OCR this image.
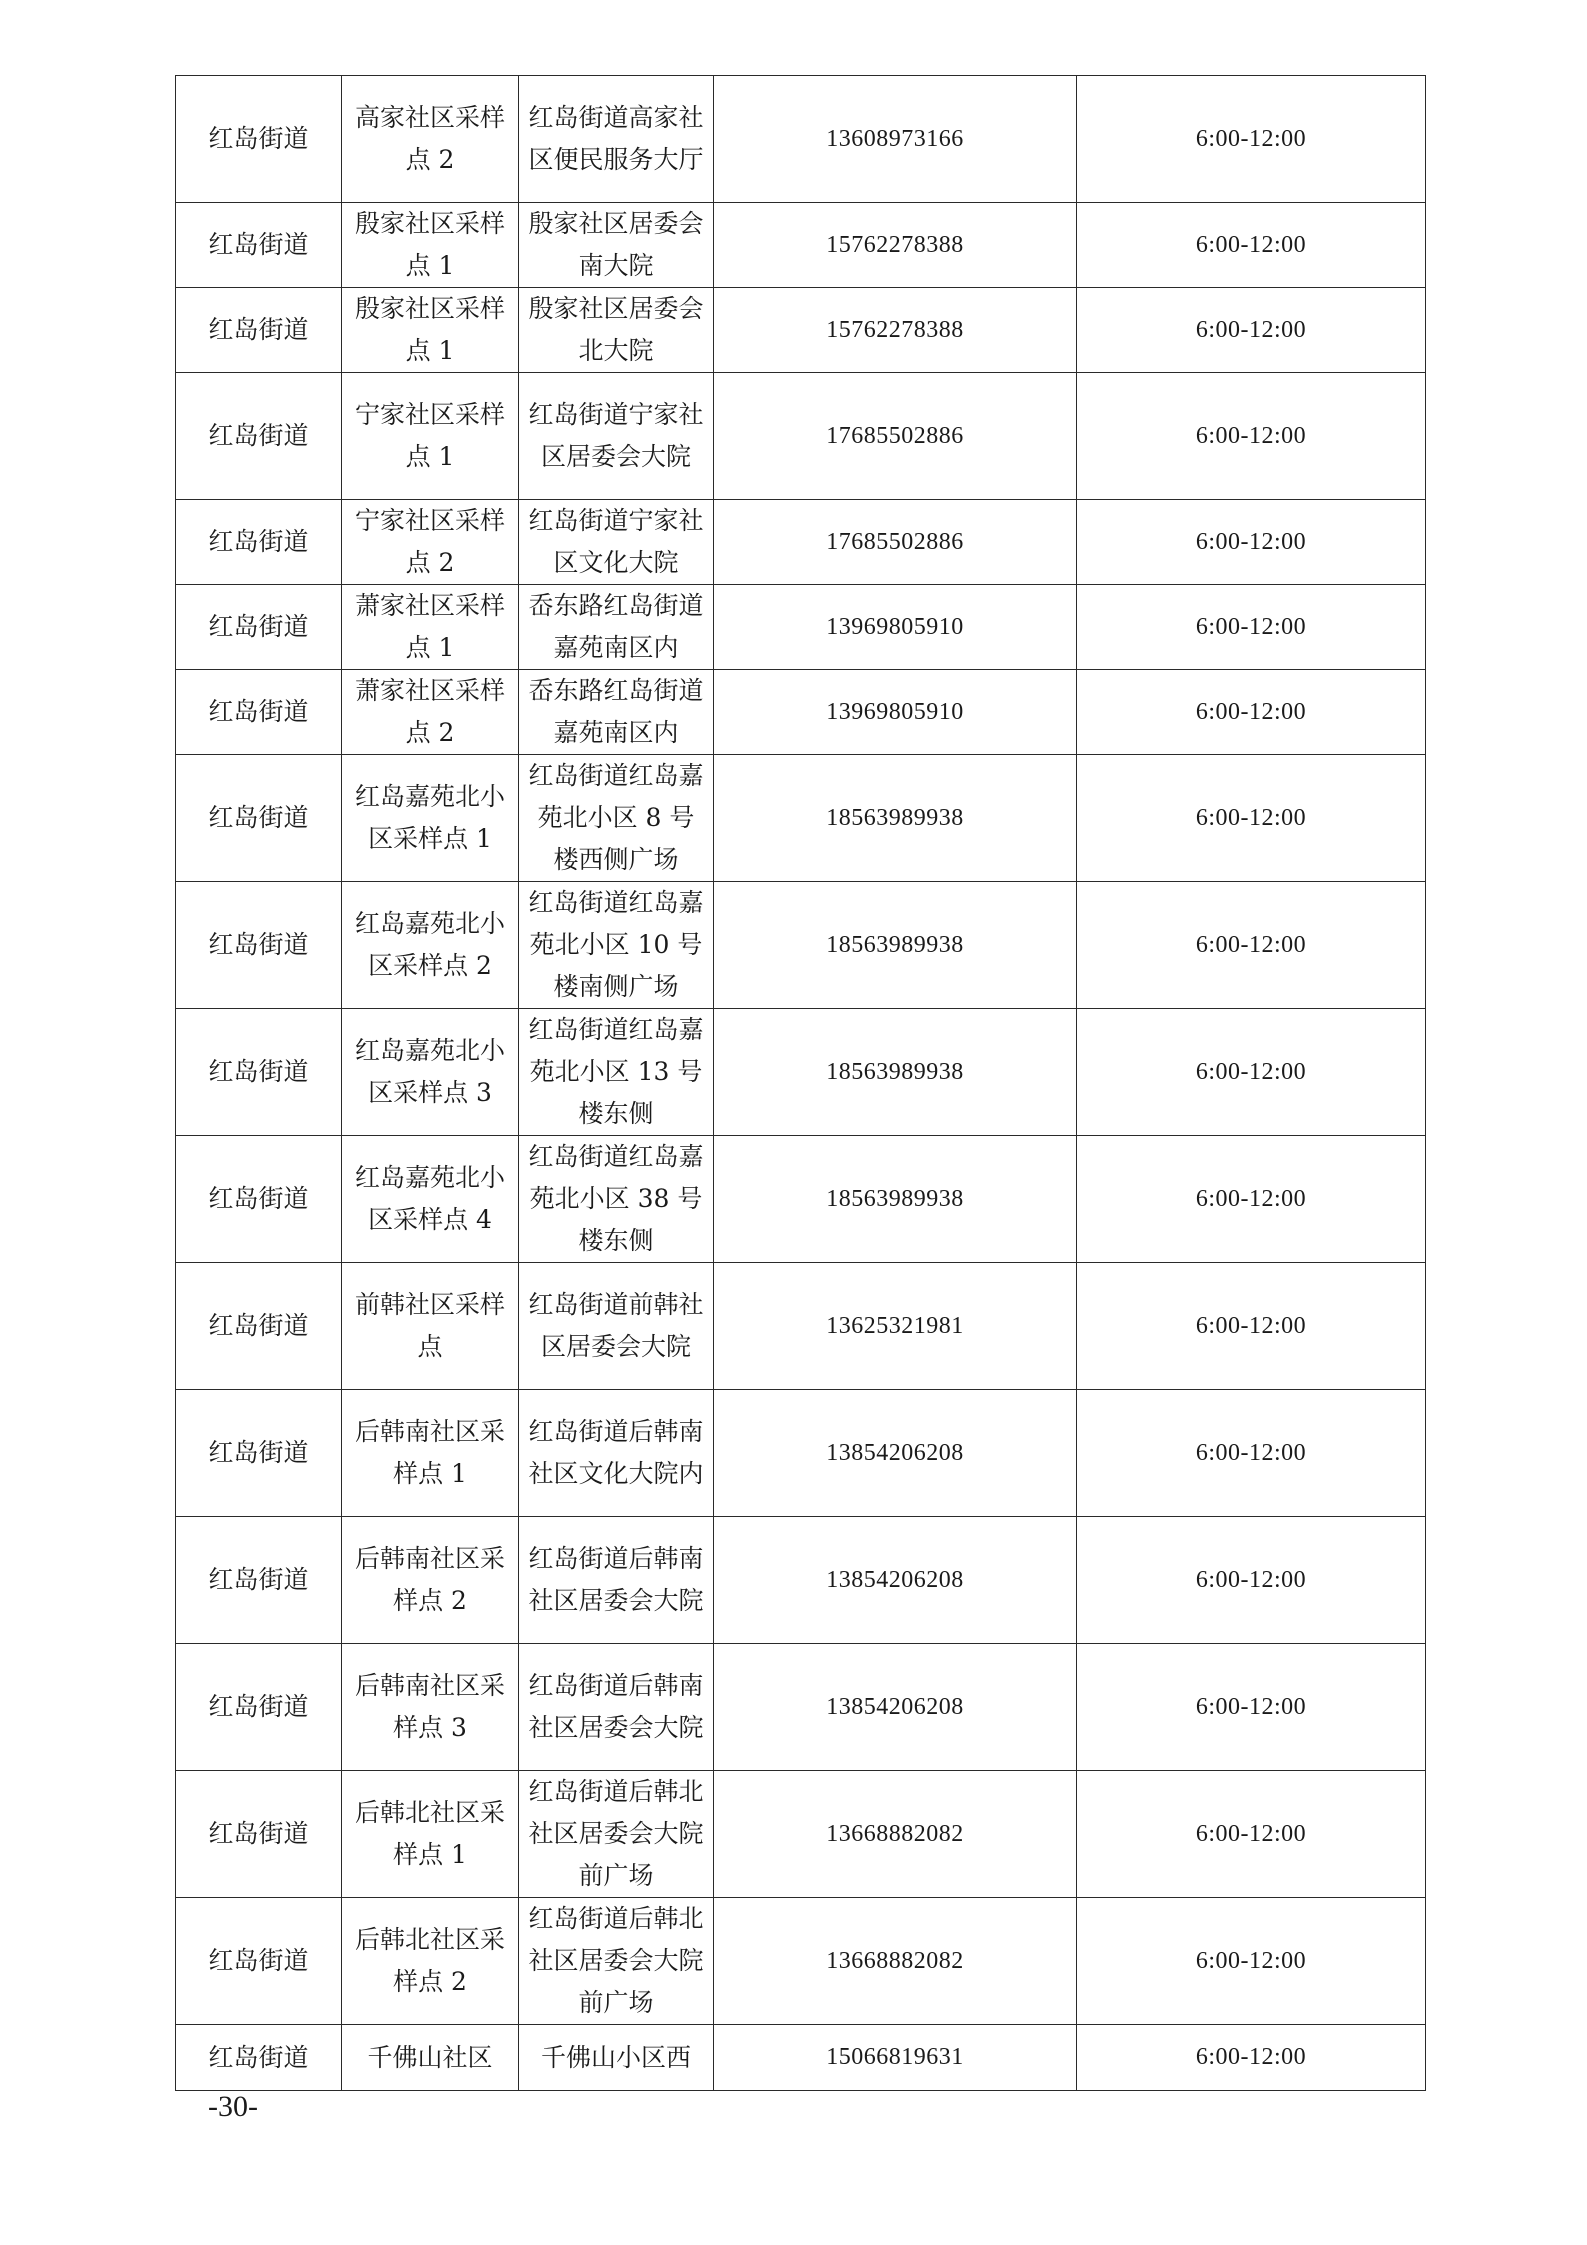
红岛街道	高家社区采样点 2	红岛街道高家社区便民服务大厅	13608973166	6:00-12:00
红岛街道	殷家社区采样点 1	殷家社区居委会南大院	15762278388	6:00-12:00
红岛街道	殷家社区采样点 1	殷家社区居委会北大院	15762278388	6:00-12:00
红岛街道	宁家社区采样点 1	红岛街道宁家社区居委会大院	17685502886	6:00-12:00
红岛街道	宁家社区采样点 2	红岛街道宁家社区文化大院	17685502886	6:00-12:00
红岛街道	萧家社区采样点 1	岙东路红岛街道嘉苑南区内	13969805910	6:00-12:00
红岛街道	萧家社区采样点 2	岙东路红岛街道嘉苑南区内	13969805910	6:00-12:00
红岛街道	红岛嘉苑北小区采样点 1	红岛街道红岛嘉苑北小区 8 号楼西侧广场	18563989938	6:00-12:00
红岛街道	红岛嘉苑北小区采样点 2	红岛街道红岛嘉苑北小区 10 号楼南侧广场	18563989938	6:00-12:00
红岛街道	红岛嘉苑北小区采样点 3	红岛街道红岛嘉苑北小区 13 号楼东侧	18563989938	6:00-12:00
红岛街道	红岛嘉苑北小区采样点 4	红岛街道红岛嘉苑北小区 38 号楼东侧	18563989938	6:00-12:00
红岛街道	前韩社区采样点	红岛街道前韩社区居委会大院	13625321981	6:00-12:00
红岛街道	后韩南社区采样点 1	红岛街道后韩南社区文化大院内	13854206208	6:00-12:00
红岛街道	后韩南社区采样点 2	红岛街道后韩南社区居委会大院	13854206208	6:00-12:00
红岛街道	后韩南社区采样点 3	红岛街道后韩南社区居委会大院	13854206208	6:00-12:00
红岛街道	后韩北社区采样点 1	红岛街道后韩北社区居委会大院前广场	13668882082	6:00-12:00
红岛街道	后韩北社区采样点 2	红岛街道后韩北社区居委会大院前广场	13668882082	6:00-12:00
红岛街道	千佛山社区	千佛山小区西	15066819631	6:00-12:00
-30-
